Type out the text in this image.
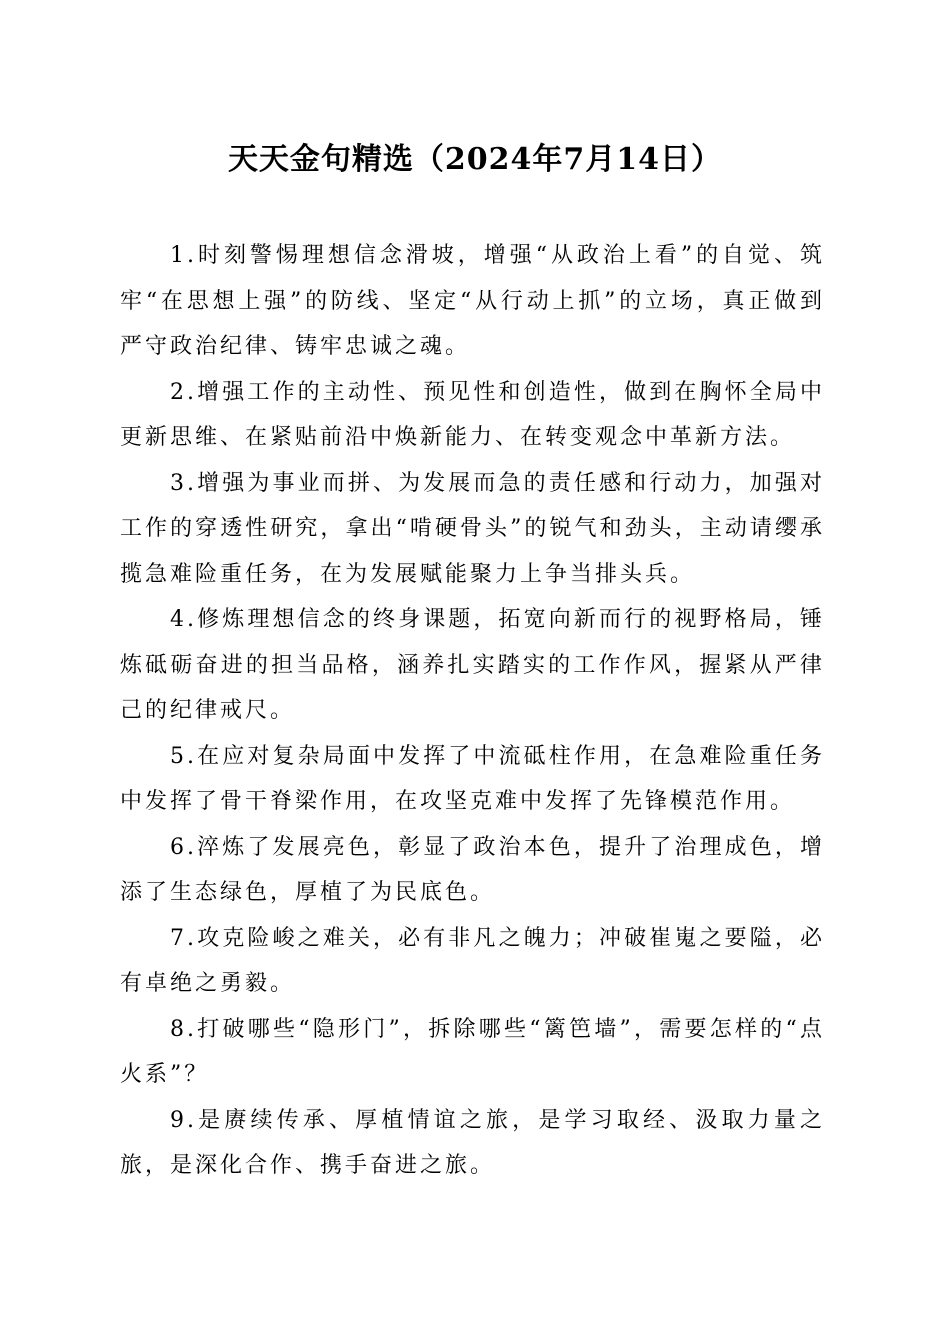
天天金句精选（2024年7月14日）

1.时刻警惕理想信念滑坡，增强“从政治上看”的自觉、筑牢“在思想上强”的防线、坚定“从行动上抓”的立场，真正做到严守政治纪律、铸牢忠诚之魂。

2.增强工作的主动性、预见性和创造性，做到在胸怀全局中更新思维、在紧贴前沿中焕新能力、在转变观念中革新方法。

3.增强为事业而拼、为发展而急的责任感和行动力，加强对工作的穿透性研究，拿出“啃硬骨头”的锐气和劲头，主动请缨承揽急难险重任务，在为发展赋能聚力上争当排头兵。

4.修炼理想信念的终身课题，拓宽向新而行的视野格局，锤炼砥砺奋进的担当品格，涵养扎实踏实的工作作风，握紧从严律己的纪律戒尺。

5.在应对复杂局面中发挥了中流砥柱作用，在急难险重任务中发挥了骨干脊梁作用，在攻坚克难中发挥了先锋模范作用。

6.淬炼了发展亮色，彰显了政治本色，提升了治理成色，增添了生态绿色，厚植了为民底色。

7.攻克险峻之难关，必有非凡之魄力；冲破崔嵬之要隘，必有卓绝之勇毅。

8.打破哪些“隐形门”，拆除哪些“篱笆墙”，需要怎样的“点火系”？

9.是赓续传承、厚植情谊之旅，是学习取经、汲取力量之旅，是深化合作、携手奋进之旅。
